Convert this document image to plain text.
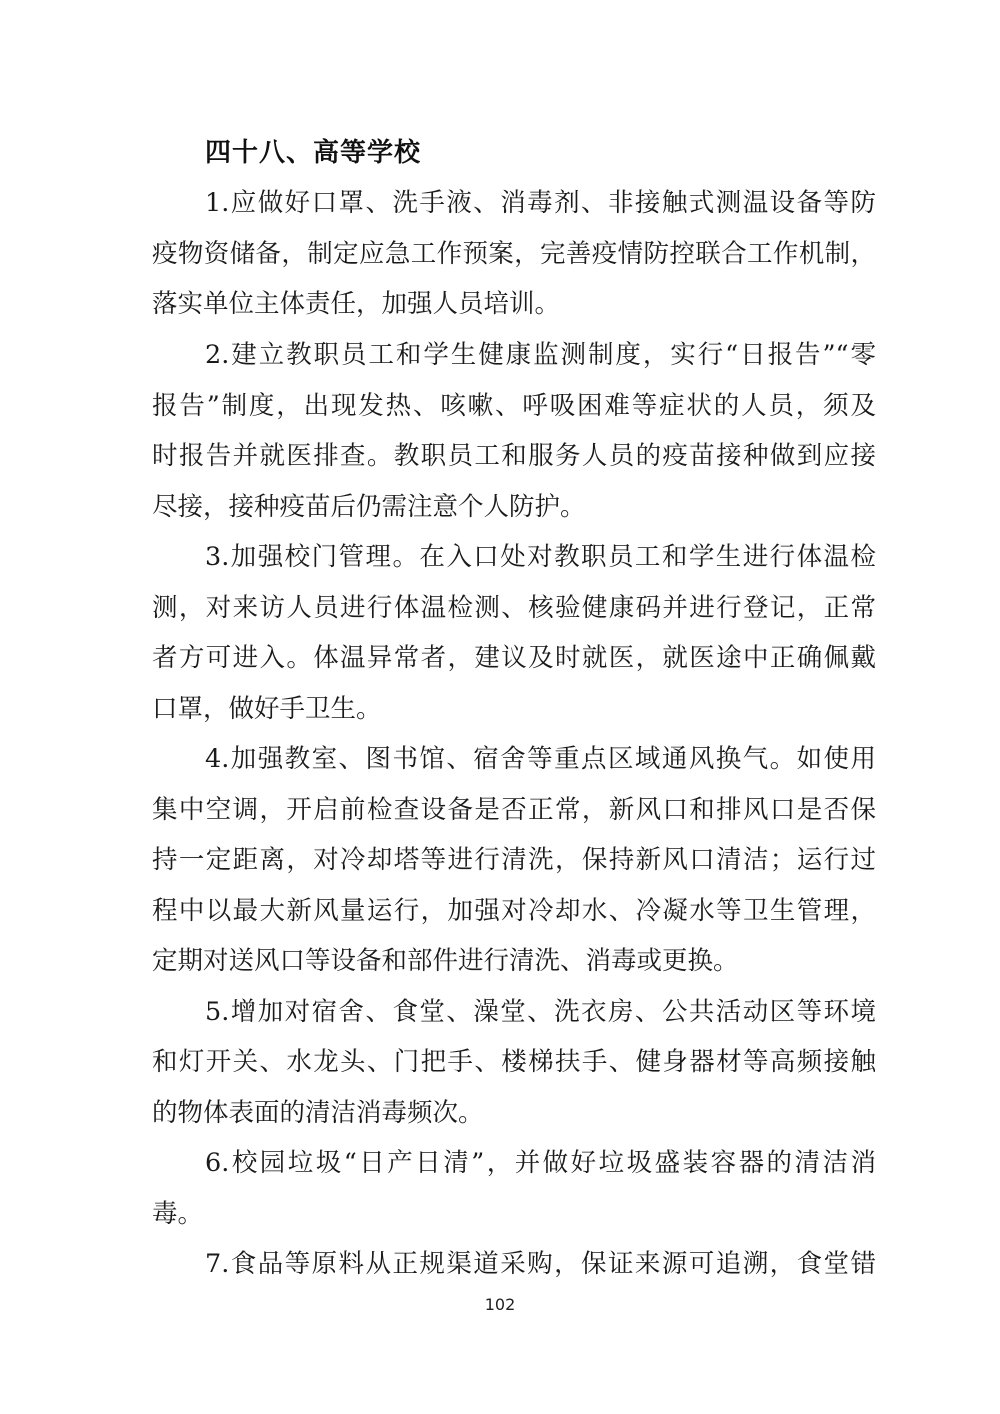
四十八、高等学校
1.应做好口罩、洗手液、消毒剂、非接触式测温设备等防
疫物资储备，制定应急工作预案，完善疫情防控联合工作机制，
落实单位主体责任，加强人员培训。
2.建立教职员工和学生健康监测制度，实行“日报告”“零
报告”制度，出现发热、咳嗽、呼吸困难等症状的人员，须及
时报告并就医排查。教职员工和服务人员的疫苗接种做到应接
尽接，接种疫苗后仍需注意个人防护。
3.加强校门管理。在入口处对教职员工和学生进行体温检
测，对来访人员进行体温检测、核验健康码并进行登记，正常
者方可进入。体温异常者，建议及时就医，就医途中正确佩戴
口罩，做好手卫生。
4.加强教室、图书馆、宿舍等重点区域通风换气。如使用
集中空调，开启前检查设备是否正常，新风口和排风口是否保
持一定距离，对冷却塔等进行清洗，保持新风口清洁；运行过
程中以最大新风量运行，加强对冷却水、冷凝水等卫生管理，
定期对送风口等设备和部件进行清洗、消毒或更换。
5.增加对宿舍、食堂、澡堂、洗衣房、公共活动区等环境
和灯开关、水龙头、门把手、楼梯扶手、健身器材等高频接触
的物体表面的清洁消毒频次。
6.校园垃圾“日产日清”，并做好垃圾盛装容器的清洁消
毒。
7.食品等原料从正规渠道采购，保证来源可追溯，食堂错
102
